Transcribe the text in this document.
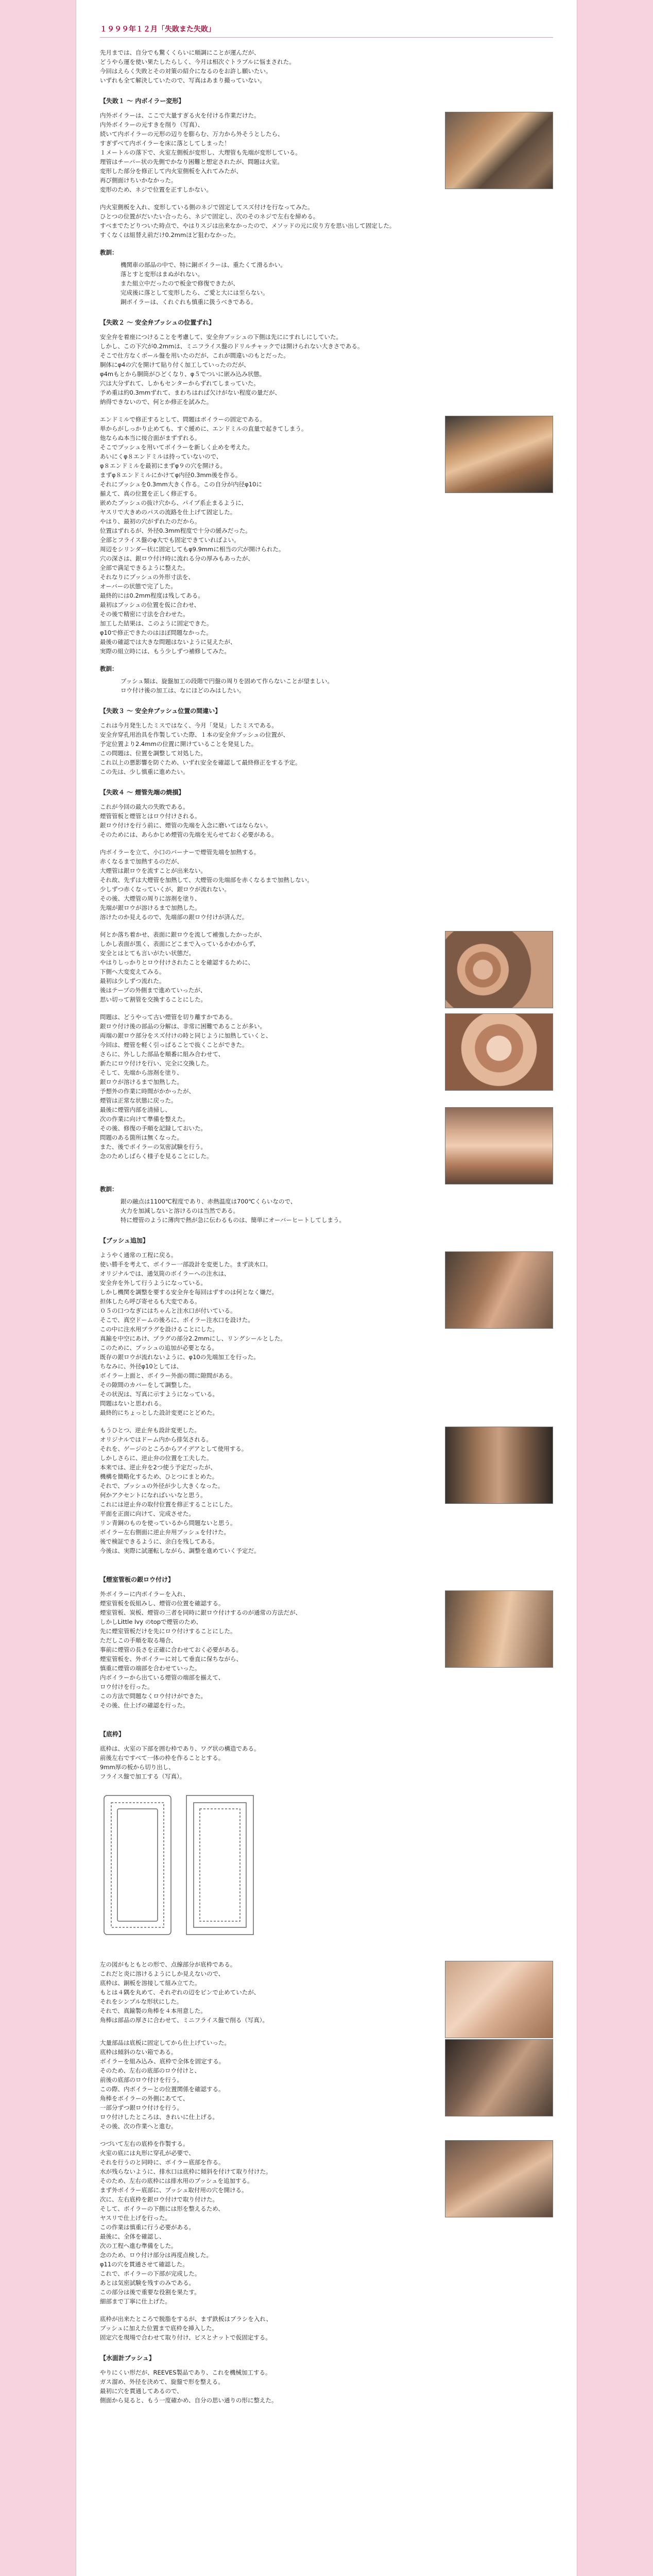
１９９９年１２月「失敗また失敗」
先月までは、自分でも驚くくらいに順調にことが運んだが、
どうやら運を使い果たしたらしく、今月は相次ぐトラブルに悩まされた。
今回はえらく失敗とその対策の紹介になるのをお許し願いたい。
いずれも全て解決していたので、写真はあまり撮っていない。
【失敗１ ～ 内ボイラー変形】
内外ボイラーは、ここで大量すぎる火を付ける作業だけた。
内外ボイラーの元すきを削り（写真）、
続いて内ボイラーの元形の辺りを膨らむ、万力から外そうとしたら、
すぎずべて内ボイラーを床に落としてしまった！
１メートルの落下で、火室左側板が変形し、大理管も先端が変形している。
理管はチーバー状の先側でかなり困難と想定されたが、問題は火室。
変形した部分を修正して内火室側板を入れてみたが、
再び側面けちいかなかった。
変形のため、ネジで位置を正すしかない。
内火室側板を入れ、変形している側のネジで固定してスズ付けを行なってみた。
ひとつの位置がだいたい合ったら、ネジで固定し、次のそのネジで左右を締める。
すべまでたどりついた時点で、やはりスジは出来なかったので、メソッドの元に戻り方を思い出して固定した。
すくなくは組替え前だけ0.2mmほど狙わなかった。
教訓：
機関車の部品の中で、特に銅ボイラーは、重たくて滑るかい。
落とすと変形はまぬがれない。
また組立中だったので板金で修復できたが、
完成後に落として変形したら、ご愛と大には至らない。
銅ボイラーは、くれぐれも慎重に扱うべきである。
【失敗２ ～ 安全弁ブッシュの位置ずれ】
安全弁を着座につけることを考慮して、安全弁ブッシュの下側は先ににすれしにしていた。
しかし、この下穴が0.2mmは、ミニフライス盤のドリルチャックでは開けられない大きさである。
そこで仕方なくボール盤を用いたのだが、これが間違いのもとだった。
胴体にφ4の穴を開けて貼り付く加工していったのだが、
φ4mもとから胴筒がひどくなり、φ５でついに嵌み込み状態。
穴は大分ずれて、しかもセンターからずれてしまっていた。
予め重は約0.3mmずれて、まわちはれば欠けがない程度の量だが、
納得できないので、何とか修正を試みた。
エンドミルで修正するとして、問題はボイラーの固定である。
単からがしっかり止めても、すぐ緩めに、エンドミルの直量で起きてしまう。
他ならぬ本当に接合面がまずずれる。
そこでブッシュを用いてボイラーを新しく止めを考えた。
あいにくφ８エンドミルは持っていないので、
φ８エンドミルを最初にまずφ９の穴を開ける。
まずφ８エンドミルにかけてφ内径0.3mm後を作る。
それにブッシュを0.3mm大きく作る。この自分が内径φ10に
揃えて、真の位置を正しく修正する。
嵌めたブッシュの抜け穴から、パイプ系止まるように、
ヤスリで大きめのパスの流路を仕上げて固定した。
やはり、最初の穴がずれたのだから。
位置はずれるが、外径0.3mm程度で十分の緩みだった。
全部とフライス盤のφ大でも固定できていればよい。
周辺をシリンダー状に固定してもφ9.9mmに相当の穴が開けられた。
穴の深さは、銀ロウ付け時に流れる分の厚みもあったが、
全部で満足できるように整えた。
それなりにブッシュの外形寸法を、
オーバーの状態で完了した。
最終的には0.2mm程度は残してある。
最初はブッシュの位置を仮に合わせ、
その後で精密に寸法を合わせた。
加工した結果は、このように固定できた。
φ10で修正できたのはほぼ問題なかった。
最後の確認では大きな問題はないように見えたが、
実際の組立時には、もう少しずつ補修してみた。
教訓：
ブッシュ類は、旋盤加工の段階で円盤の周りを固めて作らないことが望ましい。
ロウ付け後の加工は、なにほどのみはしたい。
【失敗３ ～ 安全弁ブッシュ位置の間違い】
これは今月発生したミスではなく、今月「発見」したミスである。
安全弁穿孔用治具を作製していた際、１本の安全弁ブッシュの位置が、
予定位置より2.4mmの位置に開けていることを発見した。
この問題は、位置を調整して対処した。
これ以上の悪影響を防ぐため、いずれ安全を確認して最終修正をする予定。
この先は、少し慎重に進めたい。
【失敗４ ～ 煙管先端の焼損】
これが今回の最大の失敗である。
煙管管板と煙管とはロウ付けされる。
銀ロウ付けを行う前に、煙管の先端を入念に磨いてはならない。
そのためには、あらかじめ煙管の先端を光らせておく必要がある。
内ボイラーを立て、小口のバーナーで煙管先端を加熱する。
赤くなるまで加熱するのだが、
大煙管は銀ロウを流すことが出来ない。
それ故、先ずは大煙管を加熱して、大煙管の先端部を赤くなるまで加熱しない。
少しずつ赤くなっていくが、銀ロウが流れない。
その後、大煙管の周りに溶剤を塗り、
先端が銀ロウが溶けるまで加熱した。
溶けたのか見えるので、先端部の銀ロウ付けが済んだ。
何とか落ち着かせ、表面に銀ロウを流して補強したかったが、
しかし表面が黒く、表面にどこまで入っているかわからず、
安全とはとても言いがたい状態だ。
やはりしっかりとロウ付けされたことを確認するために、
下側へ大変変えてみる。
最初は少しずつ流れた。
後はテープの外側まで進めていったが、
思い切って割管を交換することにした。
問題は、どうやって古い煙管を切り離すかである。
銀ロウ付け後の部品の分解は、非常に困難であることが多い。
両端の銀ロウ部分をスズ付けの時と同じように加熱していくと、
今回は、煙管を軽く引っぱることで抜くことができた。
さらに、外しした部品を順番に組み合わせて、
新たにロウ付けを行い、完全に交換した。
そして、先端から溶剤を塗り、
銀ロウが溶けるまで加熱した。
予想外の作業に時間がかかったが、
煙管は正常な状態に戻った。
最後に煙管内部を清掃し、
次の作業に向けて準備を整えた。
その後、修復の手順を記録しておいた。
問題のある箇所は無くなった。
また、後でボイラーの気密試験を行う。
念のためしばらく様子を見ることにした。
教訓：
銀の融点は1100℃程度であり、赤熱温度は700℃くらいなので、
火力を加減しないと溶けるのは当然である。
特に煙管のように薄肉で熱が急に伝わるものは、簡単にオーバーヒートしてしまう。
【ブッシュ追加】
ようやく通常の工程に戻る。
使い勝手を考えて、ボイラー一部設計を変更した。まず淡水口。
オリジナルでは、通気筒のボイラーへの注水は、
安全弁を外して行うようになっている。
しかし機関を調整を要する安全弁を毎回はずすのは何となく嫌だ。
担体したら呼び寄せるも大変である。
０５の口つなぎにはちゃんと注水口が付いている。
そこで、真空ドームの後ろに、ボイラー注水口を設けた。
この中に注水用プラグを設けることにした。
真鍮を中空にあけ、プラグの部分2.2mmにし、リングシールとした。
このために、ブッシュの追加が必要となる。
既存の銀ロウが流れないように、φ10の先端加工を行った。
ちなみに、外径φ10としては、
ボイラー上面と、ボイラー外面の間に隙間がある。
その隙間のカバーをして調整した。
その状況は、写真に示すようになっている。
問題はないと思われる。
最終的にちょっとした設計変更にとどめた。
もうひとつ、逆止弁も設計変更した。
オリジナルではドーム内から排気される。
それを、ゲージのところからアイデアとして使用する。
しかしさらに、逆止弁の位置を工夫した。
本来では、逆止弁を2つ使う予定だったが、
機構を簡略化するため、ひとつにまとめた。
それで、ブッシュの外径が少し大きくなった。
何かアクセントになればいいなと思う。
これには逆止弁の取付位置を修正することにした。
平面を正面に向けて、完成させた。
リン青銅のものを使っているから問題ないと思う。
ボイラー左右側面に逆止弁用ブッシュを付けた。
後で検証できるように、余白を残してある。
今後は、実際に試運転しながら、調整を進めていく予定だ。
【煙室管板の銀ロウ付け】
外ボイラーに内ボイラーを入れ、
煙室管板を仮組みし、煙管の位置を確認する。
煙室管板、炭板、煙管の三者を同時に銀ロウ付けするのが通常の方法だが、
しかしLittle Ivy のtopで煙管のため、
先に煙室管板だけを先にロウ付けすることにした。
ただしこの手順を取る場合、
事前に煙管の長さを正確に合わせておく必要がある。
煙室管板を、外ボイラーに対して垂直に保ちながら、
慎重に煙管の端部を合わせていった。
内ボイラーから出ている煙管の端部を揃えて、
ロウ付けを行った。
この方法で問題なくロウ付けができた。
その後、仕上げの確認を行った。
【底枠】
底枠は、火室の下部を囲む枠であり、ワグ状の構造である。
前後左右ですべて一体の枠を作ることとする。
9mm厚の板から切り出し、
フライス盤で加工する（写真）。
左の図がもともとの形で、点線部分が底枠である。
これだと炎に溶けるようにしか見えないので、
底枠は、銅板を溶接して組み立てた。
もとは４隅を丸めて、それぞれの辺をピンで止めていたが、
それをシンプルな形状にした。
それで、真鍮製の角棒を４本用意した。
角棒は部品の厚さに合わせて、ミニフライス盤で削る（写真）。
大量部品は底板に固定してから仕上げていった。
底枠は傾斜のない箱である。
ボイラーを組み込み、底枠で全体を固定する。
そのため、左右の底部のロウ付けと、
前後の底部のロウ付けを行う。
この際、内ボイラーとの位置関係を確認する。
角棒をボイラーの外側にあてて、
一部分ずつ銀ロウ付けを行う。
ロウ付けしたところは、きれいに仕上げる。
その後、次の作業へと進む。
つづいて左右の底枠を作製する。
火室の底には丸形に穿孔が必要で、
それを行うのと同時に、ボイラー底部を作る。
水が残らないように、排水口は底枠に傾斜を付けて取り付けた。
そのため、左右の底枠には排水用のブッシュを追加する。
まず外ボイラー底部に、ブッシュ取付用の穴を開ける。
次に、左右底枠を銀ロウ付けで取り付けた。
そして、ボイラーの下側には形を整えるため、
ヤスリで仕上げを行った。
この作業は慎重に行う必要がある。
最後に、全体を確認し、
次の工程へ進む準備をした。
念のため、ロウ付け部分は再度点検した。
φ11の穴を貫通させて確認した。
これで、ボイラーの下部が完成した。
あとは気密試験を残すのみである。
この部分は後で重要な役割を果たす。
細部まで丁寧に仕上げた。
底枠が出来たところで脱脂をするが、まず鉄板はブラシを入れ、
ブッシュに加えた位置まで底枠を挿入した。
固定穴を現場で合わせて取り付け、ビスとナットで仮固定する。
【水面計ブッシュ】
やりにくい形だが、REEVES製品であり、これを機械加工する。
ガス溜め、外径を決めて、旋盤で形を整える。
最初に穴を貫通してあるので、
側面から見ると、もう一度確かめ、自分の思い通りの形に整えた。
